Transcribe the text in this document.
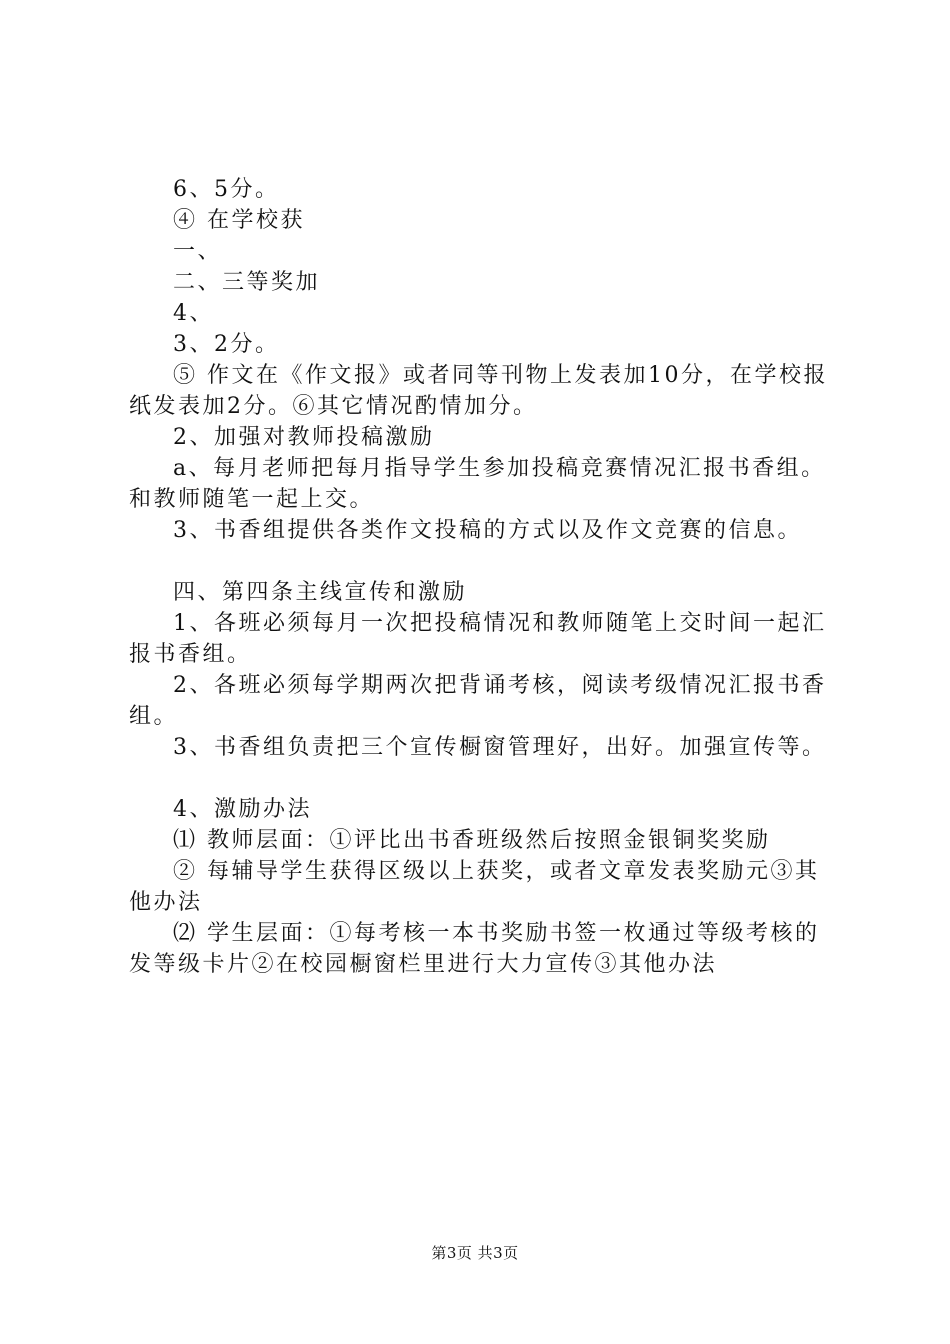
6、5分。

④ 在学校获

一、

二、三等奖加

4、

3、2分。

⑤ 作文在《作文报》或者同等刊物上发表加10分，在学校报纸发表加2分。⑥其它情况酌情加分。

2、加强对教师投稿激励

a、每月老师把每月指导学生参加投稿竞赛情况汇报书香组。和教师随笔一起上交。

3、书香组提供各类作文投稿的方式以及作文竞赛的信息。

四、第四条主线宣传和激励

1、各班必须每月一次把投稿情况和教师随笔上交时间一起汇报书香组。

2、各班必须每学期两次把背诵考核，阅读考级情况汇报书香组。

3、书香组负责把三个宣传橱窗管理好，出好。加强宣传等。

4、激励办法

⑴ 教师层面：①评比出书香班级然后按照金银铜奖奖励

② 每辅导学生获得区级以上获奖，或者文章发表奖励元③其他办法

⑵ 学生层面：①每考核一本书奖励书签一枚通过等级考核的发等级卡片②在校园橱窗栏里进行大力宣传③其他办法

第3页 共3页
